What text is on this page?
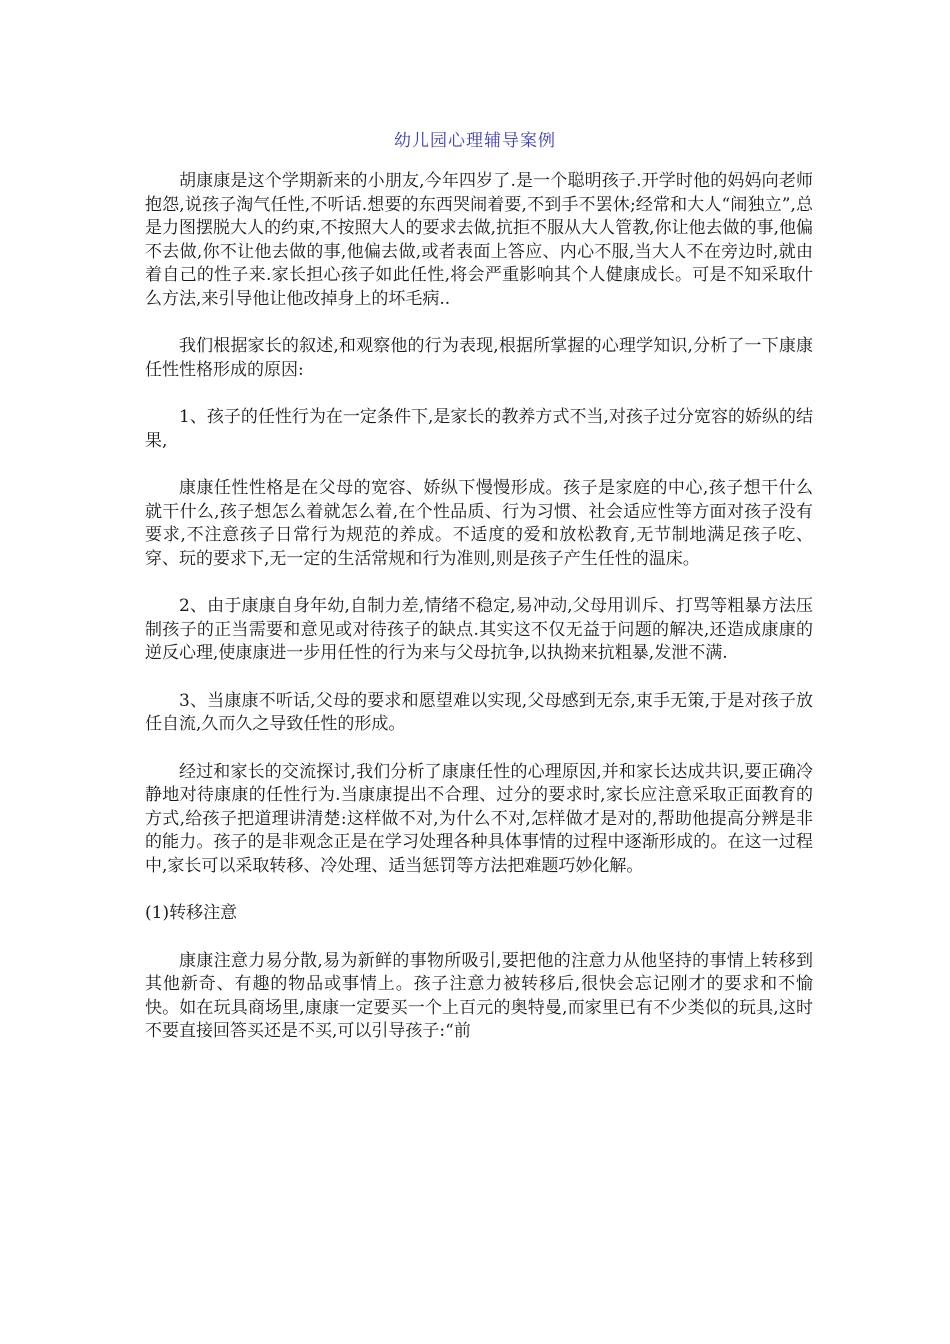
幼儿园心理辅导案例

胡康康是这个学期新来的小朋友,今年四岁了.是一个聪明孩子.开学时他的妈妈向老师抱怨,说孩子淘气任性,不听话.想要的东西哭闹着要,不到手不罢休;经常和大人“闹独立”,总是力图摆脱大人的约束,不按照大人的要求去做,抗拒不服从大人管教,你让他去做的事,他偏不去做,你不让他去做的事,他偏去做,或者表面上答应、内心不服,当大人不在旁边时,就由着自己的性子来.家长担心孩子如此任性,将会严重影响其个人健康成长。可是不知采取什么方法,来引导他让他改掉身上的坏毛病..

我们根据家长的叙述,和观察他的行为表现,根据所掌握的心理学知识,分析了一下康康任性性格形成的原因:

1、孩子的任性行为在一定条件下,是家长的教养方式不当,对孩子过分宽容的娇纵的结果,

康康任性性格是在父母的宽容、娇纵下慢慢形成。孩子是家庭的中心,孩子想干什么就干什么,孩子想怎么着就怎么着,在个性品质、行为习惯、社会适应性等方面对孩子没有要求,不注意孩子日常行为规范的养成。不适度的爱和放松教育,无节制地满足孩子吃、穿、玩的要求下,无一定的生活常规和行为准则,则是孩子产生任性的温床。

2、由于康康自身年幼,自制力差,情绪不稳定,易冲动,父母用训斥、打骂等粗暴方法压制孩子的正当需要和意见或对待孩子的缺点.其实这不仅无益于问题的解决,还造成康康的逆反心理,使康康进一步用任性的行为来与父母抗争,以执拗来抗粗暴,发泄不满.

3、当康康不听话,父母的要求和愿望难以实现,父母感到无奈,束手无策,于是对孩子放任自流,久而久之导致任性的形成。

经过和家长的交流探讨,我们分析了康康任性的心理原因,并和家长达成共识,要正确冷静地对待康康的任性行为.当康康提出不合理、过分的要求时,家长应注意采取正面教育的方式,给孩子把道理讲清楚:这样做不对,为什么不对,怎样做才是对的,帮助他提高分辨是非的能力。孩子的是非观念正是在学习处理各种具体事情的过程中逐渐形成的。在这一过程中,家长可以采取转移、冷处理、适当惩罚等方法把难题巧妙化解。

(1)转移注意

康康注意力易分散,易为新鲜的事物所吸引,要把他的注意力从他坚持的事情上转移到其他新奇、有趣的物品或事情上。孩子注意力被转移后,很快会忘记刚才的要求和不愉快。如在玩具商场里,康康一定要买一个上百元的奥特曼,而家里已有不少类似的玩具,这时不要直接回答买还是不买,可以引导孩子:“前
